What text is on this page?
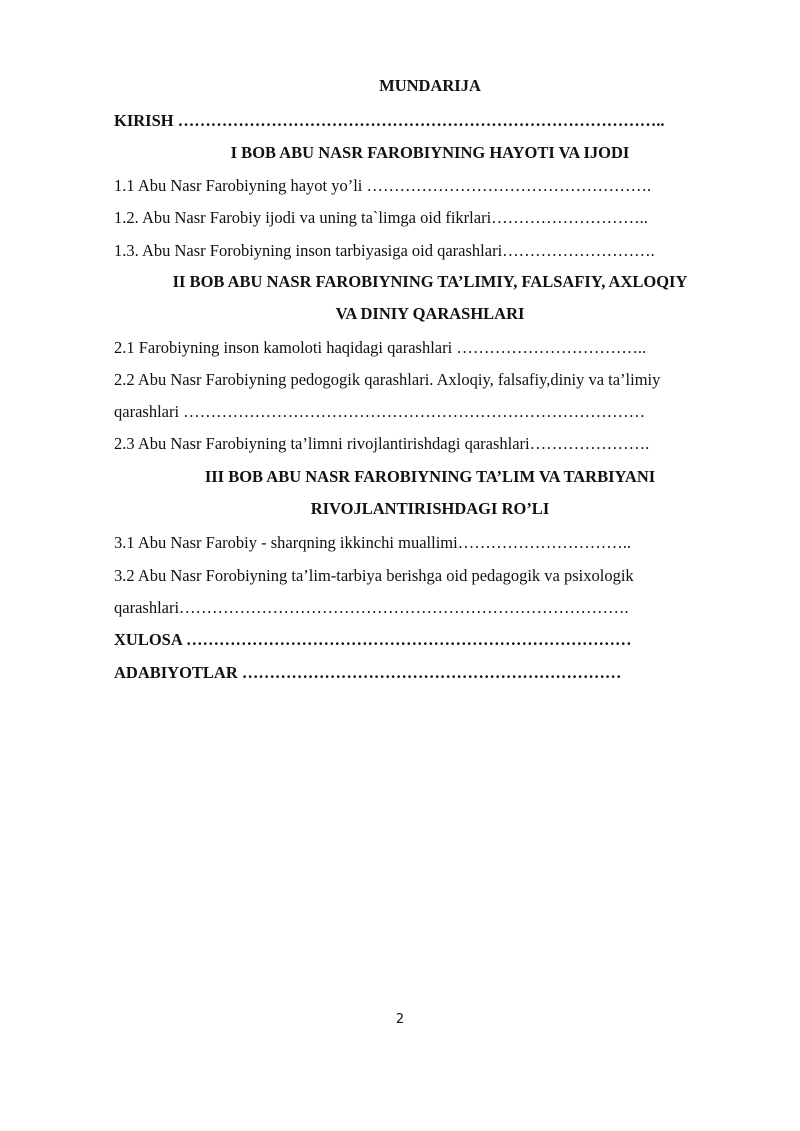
MUNDARIJA
KIRISH ……………………………………………………………………………..
I BOB ABU NASR FAROBIYNING HAYOTI VA IJODI
1.1 Abu Nasr Farobiyning hayot yo’li …………………………………………….
1.2. Abu Nasr Farobiy ijodi va uning ta`limga oid fikrlari………………………..
1.3. Abu Nasr Forobiyning inson tarbiyasiga oid qarashlari……………………….
II BOB ABU NASR FAROBIYNING TA’LIMIY, FALSAFIY, AXLOQIY
VA DINIY QARASHLARI
2.1 Farobiyning inson kamoloti haqidagi qarashlari ……………………………..
2.2 Abu Nasr Farobiyning pedogogik qarashlari. Axloqiy, falsafiy,diniy va ta’limiy
qarashlari …………………………………………………………………………
2.3 Abu Nasr Farobiyning ta’limni rivojlantirishdagi qarashlari………………….
III BOB ABU NASR FAROBIYNING TA’LIM VA TARBIYANI
RIVOJLANTIRISHDAGI RO’LI
3.1 Abu Nasr Farobiy - sharqning ikkinchi muallimi…………………………..
3.2 Abu Nasr Forobiyning ta’lim-tarbiya berishga oid pedagogik va psixologik
qarashlari……………………………………………………………………….
XULOSA ………………………………………………………………………
ADABIYOTLAR ……………………………………………………………
2
